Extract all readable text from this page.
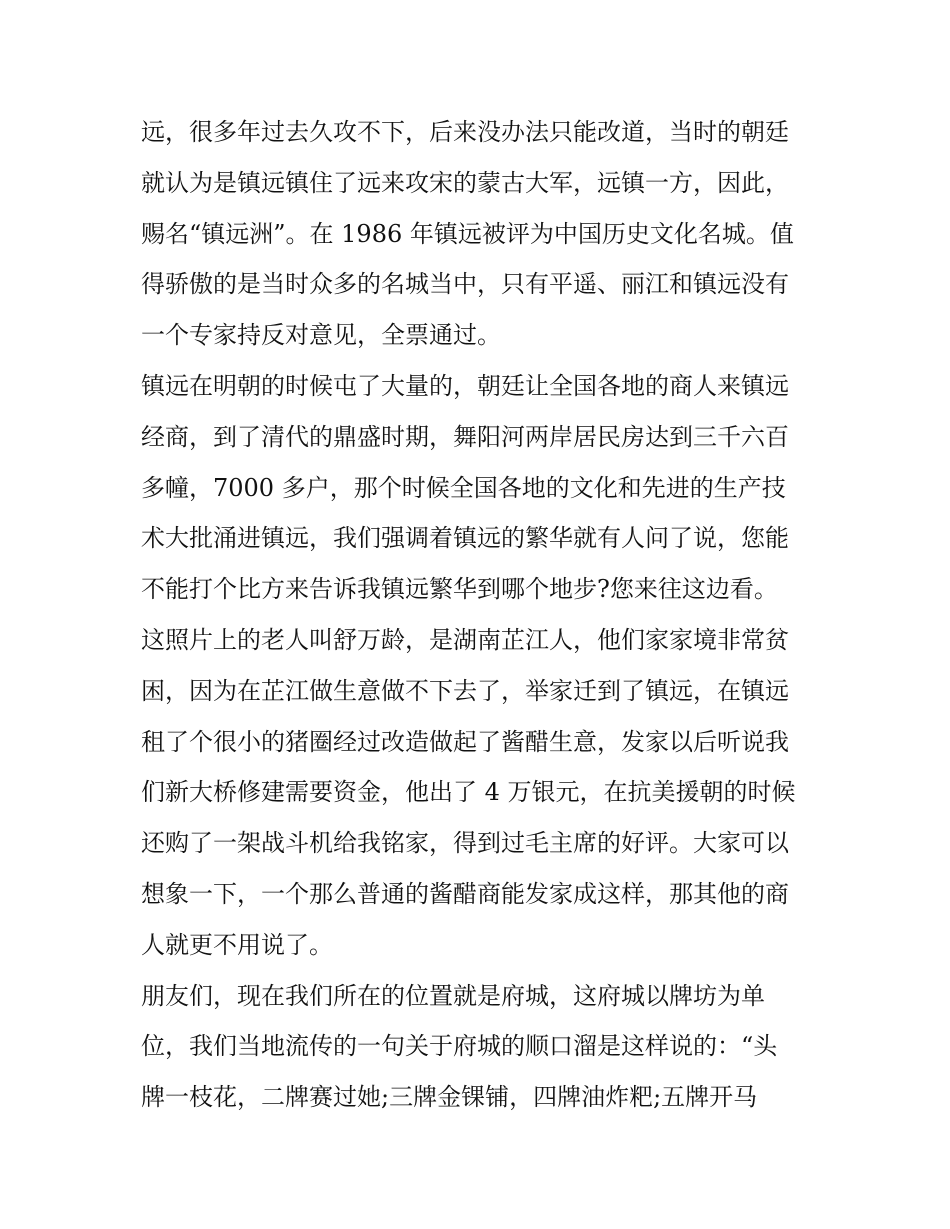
远，很多年过去久攻不下，后来没办法只能改道，当时的朝廷
就认为是镇远镇住了远来攻宋的蒙古大军，远镇一方，因此，
赐名“镇远洲”。在 1986 年镇远被评为中国历史文化名城。值
得骄傲的是当时众多的名城当中，只有平遥、丽江和镇远没有
一个专家持反对意见，全票通过。
镇远在明朝的时候屯了大量的，朝廷让全国各地的商人来镇远
经商，到了清代的鼎盛时期，舞阳河两岸居民房达到三千六百
多幢，7000 多户，那个时候全国各地的文化和先进的生产技
术大批涌进镇远，我们强调着镇远的繁华就有人问了说，您能
不能打个比方来告诉我镇远繁华到哪个地步?您来往这边看。
这照片上的老人叫舒万龄，是湖南芷江人，他们家家境非常贫
困，因为在芷江做生意做不下去了，举家迁到了镇远，在镇远
租了个很小的猪圈经过改造做起了酱醋生意，发家以后听说我
们新大桥修建需要资金，他出了 4 万银元，在抗美援朝的时候
还购了一架战斗机给我铭家，得到过毛主席的好评。大家可以
想象一下，一个那么普通的酱醋商能发家成这样，那其他的商
人就更不用说了。
朋友们，现在我们所在的位置就是府城，这府城以牌坊为单
位，我们当地流传的一句关于府城的顺口溜是这样说的：“头
牌一枝花，二牌赛过她;三牌金锞铺，四牌油炸粑;五牌开马
